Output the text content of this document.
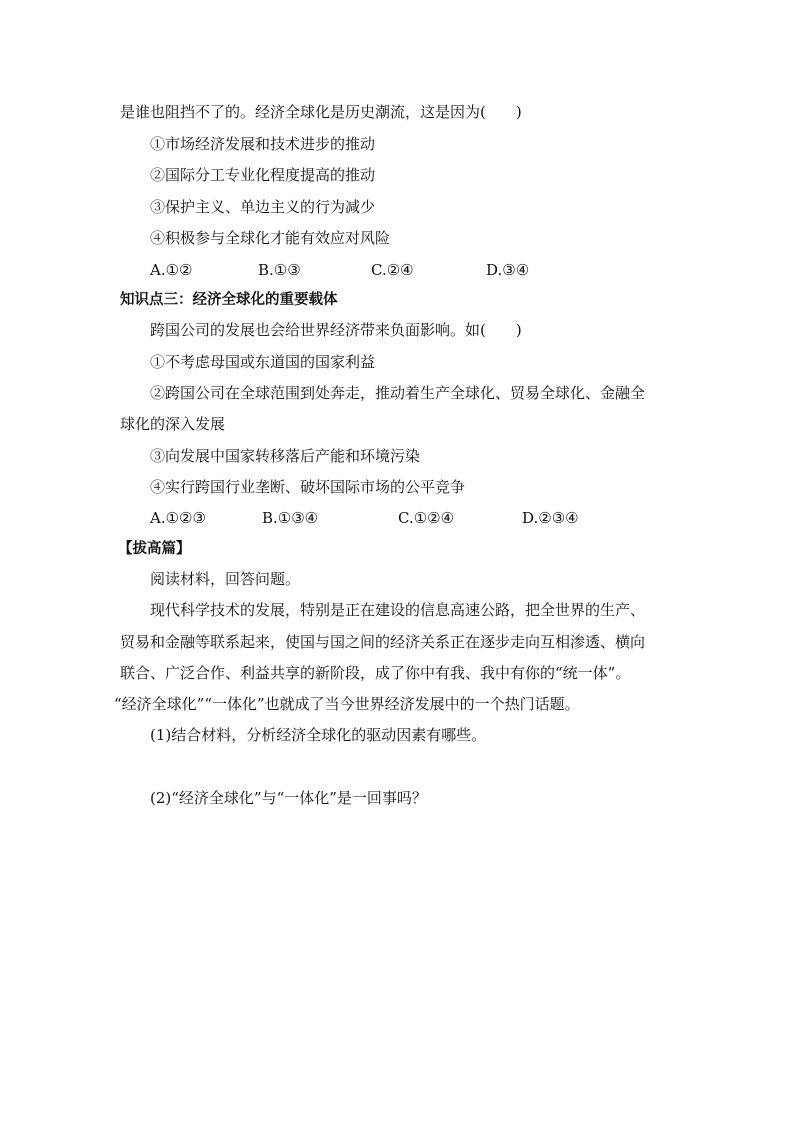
是谁也阻挡不了的。经济全球化是历史潮流，这是因为(　　)
①市场经济发展和技术进步的推动
②国际分工专业化程度提高的推动
③保护主义、单边主义的行为减少
④积极参与全球化才能有效应对风险
A.①②	B.①③	C.②④	D.③④
知识点三：经济全球化的重要载体
跨国公司的发展也会给世界经济带来负面影响。如(　　)
①不考虑母国或东道国的国家利益
②跨国公司在全球范围到处奔走，推动着生产全球化、贸易全球化、金融全
球化的深入发展
③向发展中国家转移落后产能和环境污染
④实行跨国行业垄断、破坏国际市场的公平竞争
A.①②③	B.①③④	C.①②④	D.②③④
【拔高篇】
阅读材料，回答问题。
现代科学技术的发展，特别是正在建设的信息高速公路，把全世界的生产、
贸易和金融等联系起来，使国与国之间的经济关系正在逐步走向互相渗透、横向
联合、广泛合作、利益共享的新阶段，成了你中有我、我中有你的“统一体”。
“经济全球化”“一体化”也就成了当今世界经济发展中的一个热门话题。
(1)结合材料，分析经济全球化的驱动因素有哪些。
(2)“经济全球化”与“一体化”是一回事吗？
